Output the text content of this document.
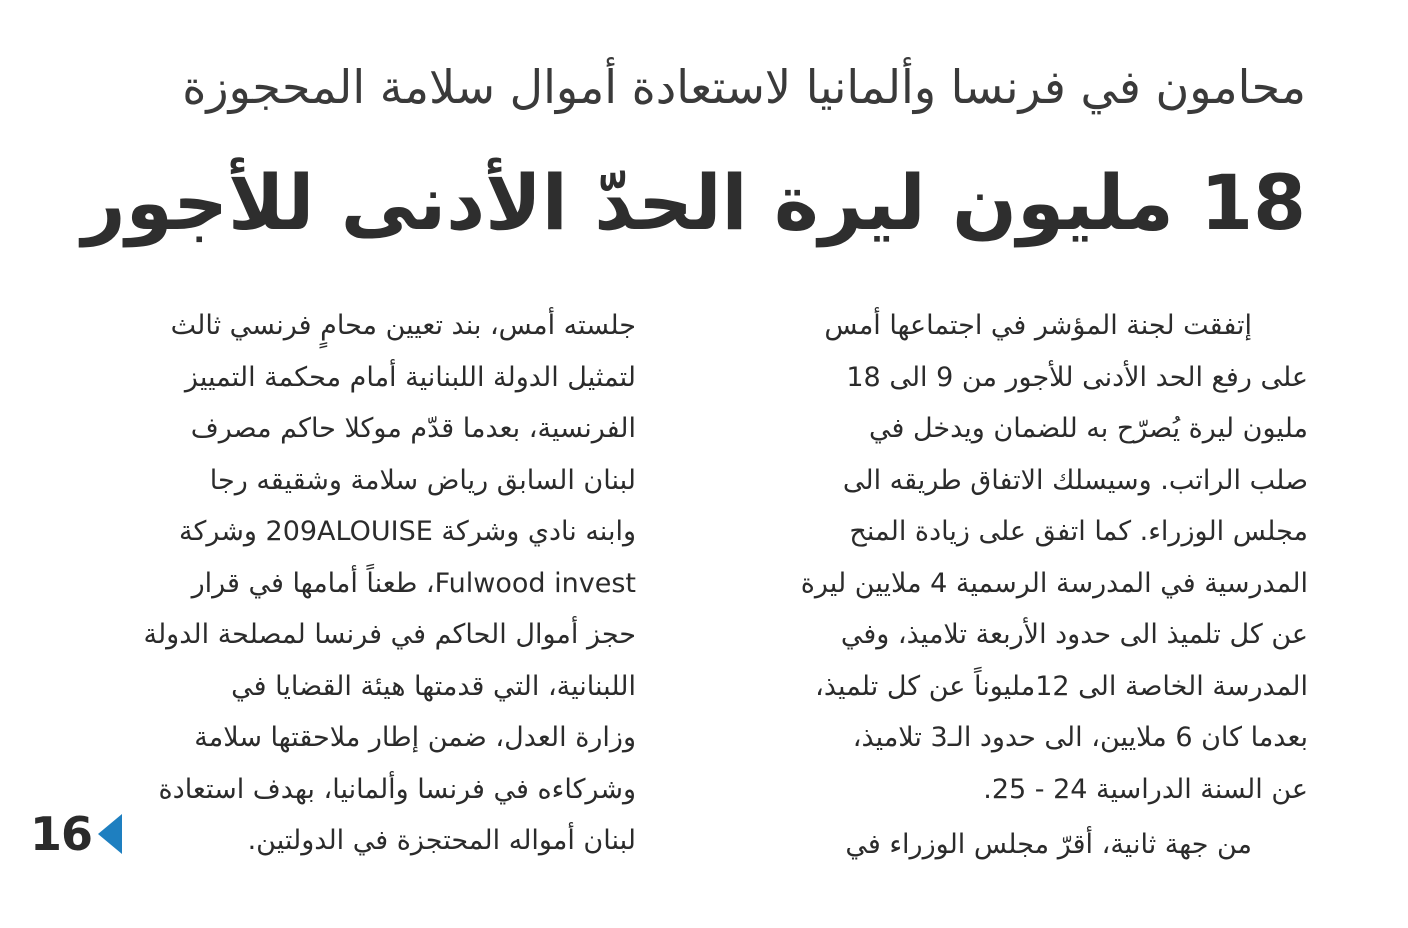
محامون في فرنسا وألمانيا لاستعادة أموال سلامة المحجوزة
18 مليون ليرة الحدّ الأدنى للأجور
إتفقت لجنة المؤشر في اجتماعها أمس
على رفع الحد الأدنى للأجور من 9 الى 18
مليون ليرة يُصرّح به للضمان ويدخل في
صلب الراتب. وسيسلك الاتفاق طريقه الى
مجلس الوزراء. كما اتفق على زيادة المنح
المدرسية في المدرسة الرسمية 4 ملايين ليرة
عن كل تلميذ الى حدود الأربعة تلاميذ، وفي
المدرسة الخاصة الى 12مليوناً عن كل تلميذ،
بعدما كان 6 ملايين، الى حدود الـ3 تلاميذ،
عن السنة الدراسية 24 - 25.
من جهة ثانية، أقرّ مجلس الوزراء في
جلسته أمس، بند تعيين محامٍ فرنسي ثالث
لتمثيل الدولة اللبنانية أمام محكمة التمييز
الفرنسية، بعدما قدّم موكلا حاكم مصرف
لبنان السابق رياض سلامة وشقيقه رجا
وابنه نادي وشركة 209ALOUISE وشركة
Fulwood invest، طعناً أمامها في قرار
حجز أموال الحاكم في فرنسا لمصلحة الدولة
اللبنانية، التي قدمتها هيئة القضايا في
وزارة العدل، ضمن إطار ملاحقتها سلامة
وشركاءه في فرنسا وألمانيا، بهدف استعادة
لبنان أمواله المحتجزة في الدولتين.
16
